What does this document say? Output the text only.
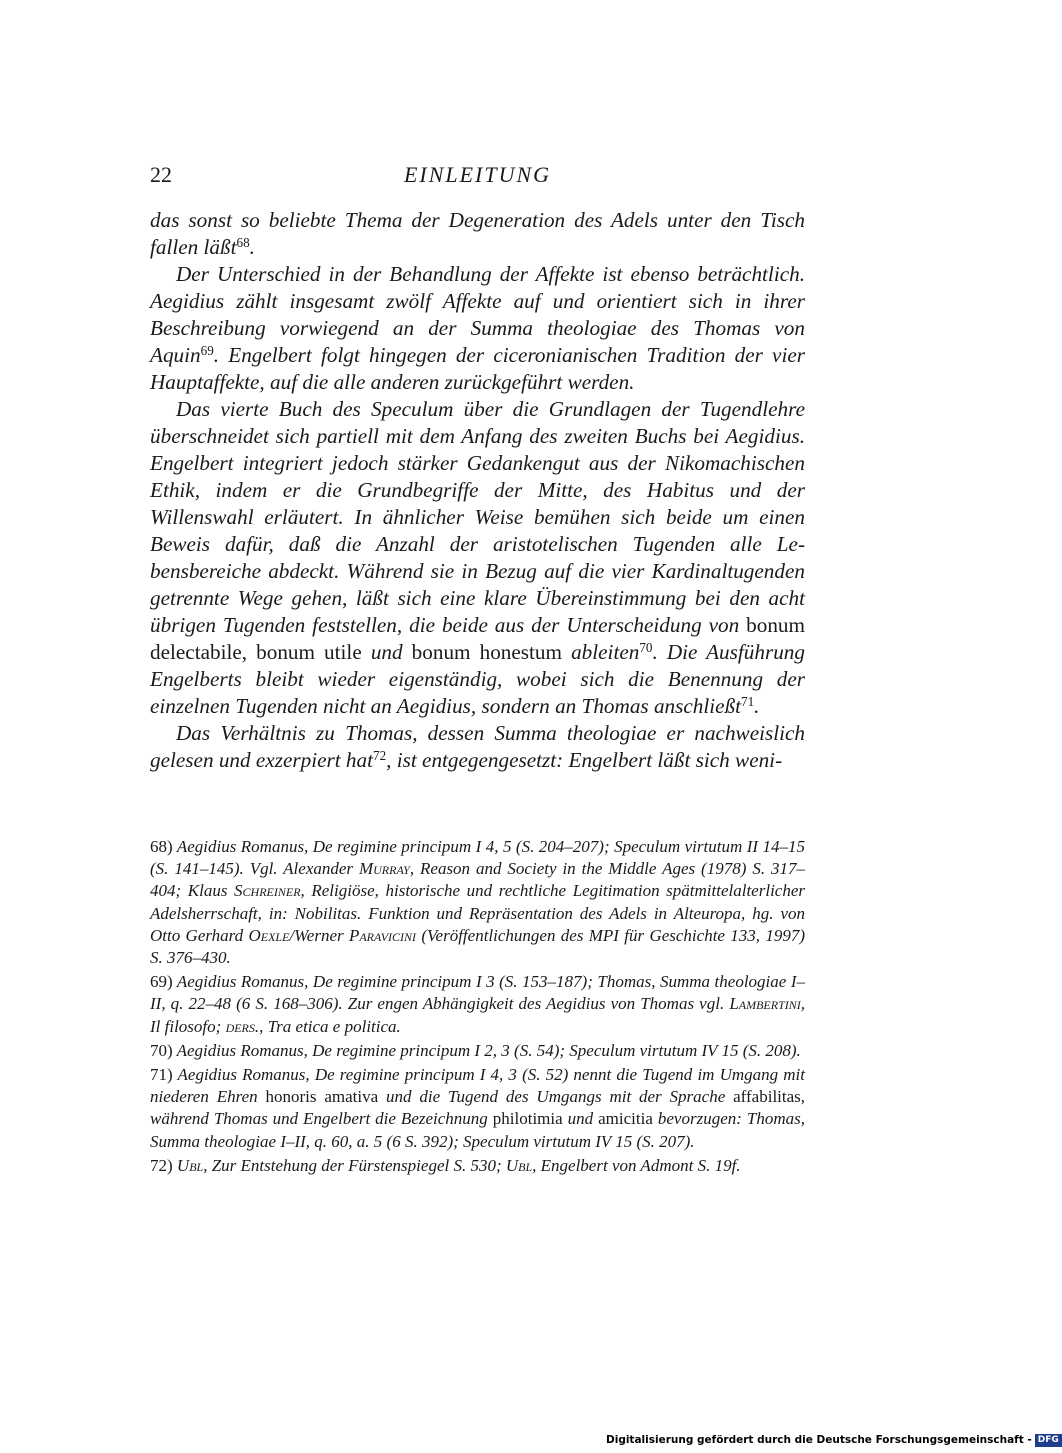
22	EINLEITUNG

das sonst so beliebte Thema der Degeneration des Adels unter den Tisch fallen läßt$^{68}$.

Der Unterschied in der Behandlung der Affekte ist ebenso beträchtlich. Aegidius zählt insgesamt zwölf Affekte auf und orientiert sich in ihrer Beschreibung vorwiegend an der Summa theologiae des Thomas von Aquin$^{69}$. Engelbert folgt hingegen der ciceronianischen Tradition der vier Hauptaffekte, auf die alle anderen zurückgeführt werden.

Das vierte Buch des Speculum über die Grundlagen der Tugendlehre überschneidet sich partiell mit dem Anfang des zweiten Buchs bei Aegidius. Engelbert integriert jedoch stärker Gedankengut aus der Nikomachischen Ethik, indem er die Grundbegriffe der Mitte, des Habitus und der Willenswahl erläutert. In ähnlicher Weise bemühen sich beide um einen Beweis dafür, daß die Anzahl der aristotelischen Tugenden alle Lebensbereiche abdeckt. Während sie in Bezug auf die vier Kardinaltugenden getrennte Wege gehen, läßt sich eine klare Übereinstimmung bei den acht übrigen Tugenden feststellen, die beide aus der Unterscheidung von bonum delectabile, bonum utile und bonum honestum ableiten$^{70}$. Die Ausführung Engelberts bleibt wieder eigenständig, wobei sich die Benennung der einzelnen Tugenden nicht an Aegidius, sondern an Thomas anschließt$^{71}$.

Das Verhältnis zu Thomas, dessen Summa theologiae er nachweislich gelesen und exzerpiert hat$^{72}$, ist entgegengesetzt: Engelbert läßt sich weni-

68) Aegidius Romanus, De regimine principum I 4, 5 (S. 204–207); Speculum virtutum II 14–15 (S. 141–145). Vgl. Alexander Murray, Reason and Society in the Middle Ages (1978) S. 317–404; Klaus Schreiner, Religiöse, historische und rechtliche Legitimation spätmittelalterlicher Adelsherrschaft, in: Nobilitas. Funktion und Repräsentation des Adels in Alteuropa, hg. von Otto Gerhard Oexle/Werner Paravicini (Veröffentlichungen des MPI für Geschichte 133, 1997) S. 376–430.

69) Aegidius Romanus, De regimine principum I 3 (S. 153–187); Thomas, Summa theologiae I–II, q. 22–48 (6 S. 168–306). Zur engen Abhängigkeit des Aegidius von Thomas vgl. Lambertini, Il filosofo; ders., Tra etica e politica.

70) Aegidius Romanus, De regimine principum I 2, 3 (S. 54); Speculum virtutum IV 15 (S. 208).

71) Aegidius Romanus, De regimine principum I 4, 3 (S. 52) nennt die Tugend im Umgang mit niederen Ehren honoris amativa und die Tugend des Umgangs mit der Sprache affabilitas, während Thomas und Engelbert die Bezeichnung philotimia und amicitia bevorzugen: Thomas, Summa theologiae I–II, q. 60, a. 5 (6 S. 392); Speculum virtutum IV 15 (S. 207).

72) Ubl, Zur Entstehung der Fürstenspiegel S. 530; Ubl, Engelbert von Admont S. 19f.

Digitalisierung gefördert durch die Deutsche Forschungsgemeinschaft - DFG
